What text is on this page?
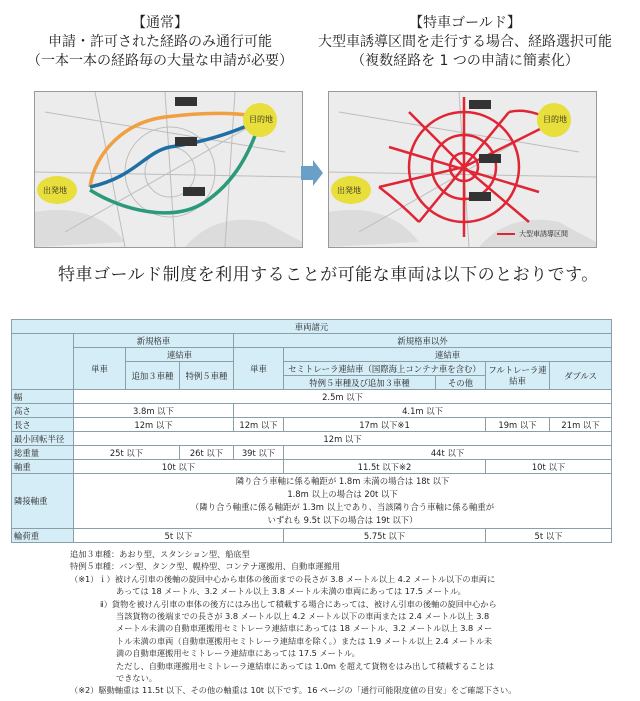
【通常】
申請・許可された経路のみ通行可能
（一本一本の経路毎の大量な申請が必要）
【特車ゴールド】
大型車誘導区間を走行する場合、経路選択可能
（複数経路を 1 つの申請に簡素化）
目的地
出発地
目的地
出発地
大型車誘導区間
特車ゴールド制度を利用することが可能な車両は以下のとおりです。
車両諸元								
	新規格車			新規格車以外				
	単車	連結車		単車	連結車			
		追加３車種	特例５車種		セミトレーラ連結車（国際海上コンテナ車を含む）		フルトレーラ連結車	ダブルス
					特例５車種及び追加３車種	その他		
幅	2.5m 以下							
高さ	3.8m 以下			4.1m 以下				
長さ	12m 以下			12m 以下	17m 以下※1		19m 以下	21m 以下
最小回転半径	12m 以下							
総重量	25t 以下		26t 以下	39t 以下	44t 以下			
軸重	10t 以下				11.5t 以下※2		10t 以下	
隣接軸重	隣り合う車軸に係る軸距が 1.8m 未満の場合は 18t 以下
1.8m 以上の場合は 20t 以下
（隣り合う軸重に係る軸距が 1.3m 以上であり、当該隣り合う車軸に係る軸重が
いずれも 9.5t 以下の場合は 19t 以下）							

輪荷重	5t 以下				5.75t 以下		5t 以下	

追加３車種：あおり型、スタンション型、船底型

特例５車種：バン型、タンク型、幌枠型、コンテナ運搬用、自動車運搬用

（※1）ｉ）被けん引車の後軸の旋回中心から車体の後面までの長さが 3.8 メートル以上 4.2 メートル以下の車両に

あっては 18 メートル、3.2 メートル以上 3.8 メートル未満の車両にあっては 17.5 メートル。

ⅱ）貨物を被けん引車の車体の後方にはみ出して積載する場合にあっては、被けん引車の後軸の旋回中心から

当該貨物の後端までの長さが 3.8 メートル以上 4.2 メートル以下の車両または 2.4 メートル以上 3.8

メートル未満の自動車運搬用セミトレーラ連結車にあっては 18 メートル、3.2 メートル以上 3.8 メー

トル未満の車両（自動車運搬用セミトレーラ連結車を除く。）または 1.9 メートル以上 2.4 メートル未

満の自動車運搬用セミトレーラ連結車にあっては 17.5 メートル。

ただし、自動車運搬用セミトレーラ連結車にあっては 1.0m を超えて貨物をはみ出して積載することは

できない。

（※2）駆動軸重は 11.5t 以下、その他の軸重は 10t 以下です。16 ページの「通行可能限度値の目安」をご確認下さい。
